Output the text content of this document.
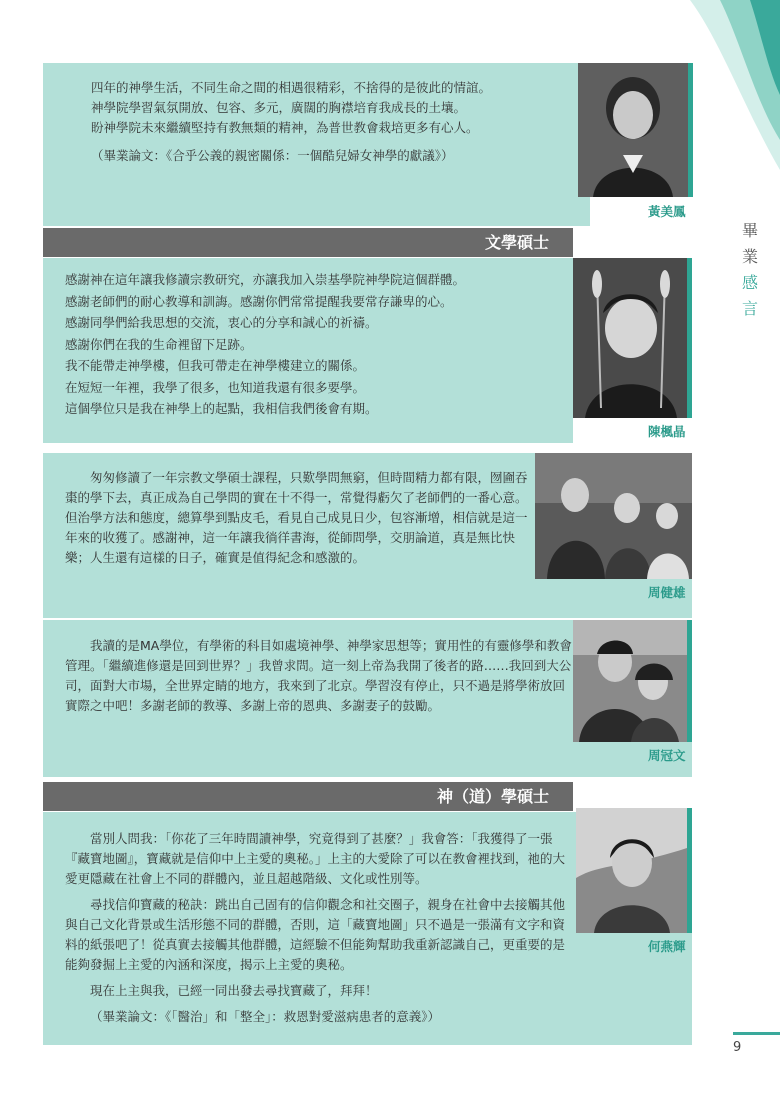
畢
業
感
言

四年的神學生活，不同生命之間的相遇很精彩，不捨得的是彼此的情誼。

神學院學習氣氛開放、包容、多元，廣闊的胸襟培育我成長的土壤。

盼神學院未來繼續堅持有教無類的精神，為普世教會栽培更多有心人。

（畢業論文：《合乎公義的親密關係：一個酷兒婦女神學的獻議》）

黃美鳳
文學碩士

感謝神在這年讓我修讀宗教研究，亦讓我加入崇基學院神學院這個群體。

感謝老師們的耐心教導和訓誨。感謝你們常常提醒我要常存謙卑的心。

感謝同學們給我思想的交流，衷心的分享和誠心的祈禱。

感謝你們在我的生命裡留下足跡。

我不能帶走神學樓，但我可帶走在神學樓建立的關係。

在短短一年裡，我學了很多，也知道我還有很多要學。

這個學位只是我在神學上的起點，我相信我們後會有期。

陳楓晶

匆匆修讀了一年宗教文學碩士課程，只歎學問無窮，但時間精力都有限，囫圇吞棗的學下去，真正成為自己學問的實在十不得一，常覺得虧欠了老師們的一番心意。但治學方法和態度，總算學到點皮毛，看見自己成見日少，包容漸增，相信就是這一年來的收獲了。感謝神，這一年讓我徜徉書海，從師問學，交朋論道，真是無比快樂；人生還有這樣的日子，確實是值得紀念和感激的。

周健雄

我讀的是MA學位，有學術的科目如處境神學、神學家思想等；實用性的有靈修學和教會管理。「繼續進修還是回到世界？」我曾求問。這一刻上帝為我開了後者的路……我回到大公司，面對大市場，全世界定睛的地方，我來到了北京。學習沒有停止，只不過是將學術放回實際之中吧！多謝老師的教導、多謝上帝的恩典、多謝妻子的鼓勵。

周冠文
神（道）學碩士

當別人問我：「你花了三年時間讀神學，究竟得到了甚麼？」我會答：「我獲得了一張『藏寶地圖』，寶藏就是信仰中上主愛的奧秘。」上主的大愛除了可以在教會裡找到，祂的大愛更隱藏在社會上不同的群體內，並且超越階級、文化或性別等。

尋找信仰寶藏的秘訣：跳出自己固有的信仰觀念和社交圈子，親身在社會中去接觸其他與自己文化背景或生活形態不同的群體，否則，這「藏寶地圖」只不過是一張滿有文字和資料的紙張吧了！從真實去接觸其他群體，這經驗不但能夠幫助我重新認識自己，更重要的是能夠發掘上主愛的內涵和深度，揭示上主愛的奧秘。

現在上主與我，已經一同出發去尋找寶藏了，拜拜！

（畢業論文：《「醫治」和「整全」：救恩對愛滋病患者的意義》）

何燕輝
9
